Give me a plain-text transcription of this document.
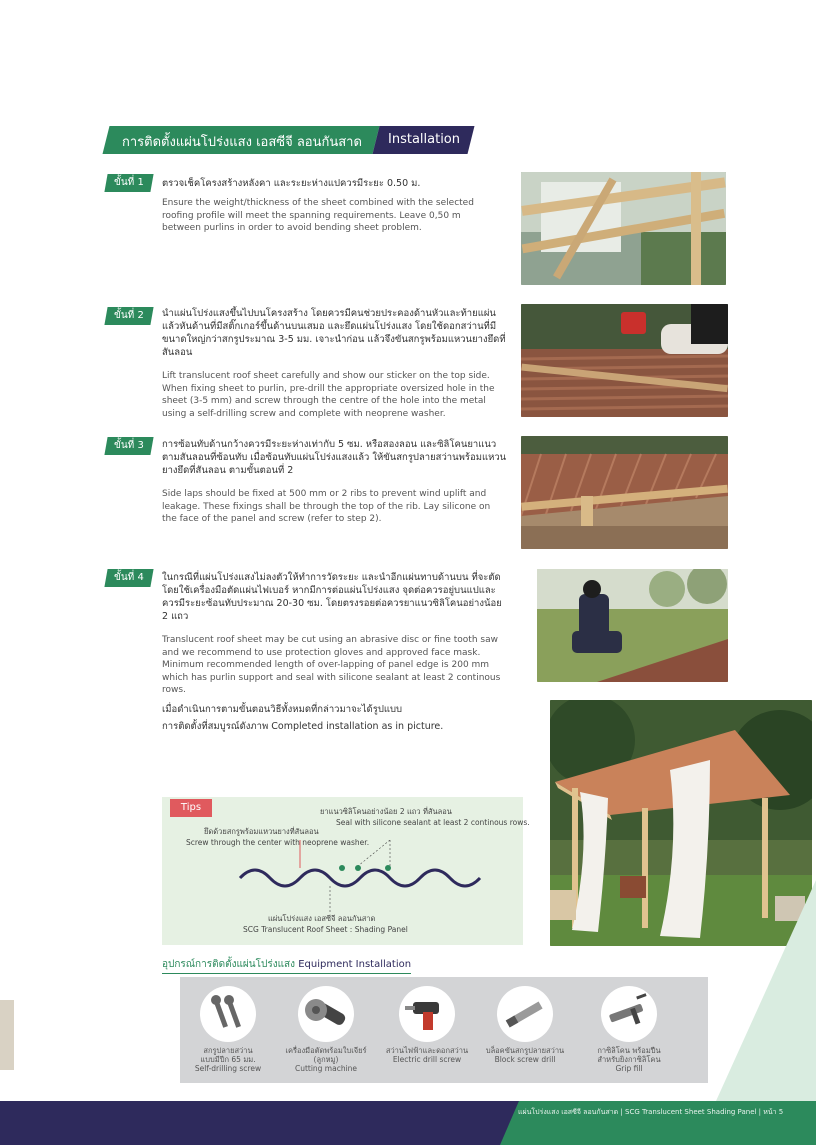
การติดตั้งแผ่นโปร่งแสง เอสซีจี ลอนกันสาด Installation
ขั้นที่ 1	ตรวจเช็คโครงสร้างหลังคา และระยะห่างแปควรมีระยะ 0.50 ม.
Ensure the weight/thickness of the sheet combined with the selected roofing profile will meet the spanning requirements. Leave 0,50 m between purlins in order to avoid bending sheet problem.
ขั้นที่ 2	นำแผ่นโปร่งแสงขึ้นไปบนโครงสร้าง โดยควรมีคนช่วยประคองด้านหัวและท้ายแผ่น แล้วหันด้านที่มีสติ๊กเกอร์ขึ้นด้านบนเสมอ และยึดแผ่นโปร่งแสง โดยใช้ดอกสว่านที่มีขนาดใหญ่กว่าสกรูประมาณ 3-5 มม. เจาะนำก่อน แล้วจึงขันสกรูพร้อมแหวนยางยึดที่สันลอน
Lift translucent roof sheet carefully and show our sticker on the top side. When fixing sheet to purlin, pre-drill the appropriate oversized hole in the sheet (3-5 mm) and screw through the centre of the hole into the metal using a self-drilling screw and complete with neoprene washer.
ขั้นที่ 3	การซ้อนทับด้านกว้างควรมีระยะห่างเท่ากับ 5 ซม. หรือสองลอน และซิลิโคนยาแนวตามสันลอนที่ซ้อนทับ เมื่อซ้อนทับแผ่นโปร่งแสงแล้ว ให้ขันสกรูปลายสว่านพร้อมแหวนยางยึดที่สันลอน ตามขั้นตอนที่ 2
Side laps should be fixed at 500 mm or 2 ribs to prevent wind uplift and leakage. These fixings shall be through the top of the rib. Lay silicone on the face of the panel and screw (refer to step 2).
ขั้นที่ 4	ในกรณีที่แผ่นโปร่งแสงไม่ลงตัวให้ทำการวัดระยะ และนำอีกแผ่นทาบด้านบน ที่จะตัดโดยใช้เครื่องมือตัดแผ่นไฟเบอร์ หากมีการต่อแผ่นโปร่งแสง จุดต่อควรอยู่บนแปและควรมีระยะซ้อนทับประมาณ 20-30 ซม. โดยตรงรอยต่อควรยาแนวซิลิโคนอย่างน้อย 2 แถว
Translucent roof sheet may be cut using an abrasive disc or fine tooth saw and we recommend to use protection gloves and approved face mask. Minimum recommended length of over-lapping of panel edge is 200 mm which has purlin support and seal with silicone sealant at least 2 continous rows.
เมื่อดำเนินการตามขั้นตอนวิธีทั้งหมดที่กล่าวมาจะได้รูปแบบ
การติดตั้งที่สมบูรณ์ดังภาพ Completed installation as in picture.
Tips	ยาแนวซิลิโคนอย่างน้อย 2 แถว ที่สันลอน
Seal with silicone sealant at least 2 continous rows.
ยึดด้วยสกรูพร้อมแหวนยางที่สันลอน
Screw through the center with neoprene washer.
แผ่นโปร่งแสง เอสซีจี ลอนกันสาด
SCG Translucent Roof Sheet : Shading Panel
อุปกรณ์การติดตั้งแผ่นโปร่งแสง Equipment Installation
สกรูปลายสว่าน
แบบมีปีก 65 มม.
Self-drilling screw
เครื่องมือตัดพร้อมใบเจียร์
(ลูกหมู)
Cutting machine
สว่านไฟฟ้าและดอกสว่าน
Electric drill screw
บล็อคขันสกรูปลายสว่าน
Block screw drill
กาซิลิโคน พร้อมปืน
สำหรับยิงกาซิลิโคน
Grip fill
แผ่นโปร่งแสง เอสซีจี ลอนกันสาด | SCG Translucent Sheet Shading Panel | หน้า 5
